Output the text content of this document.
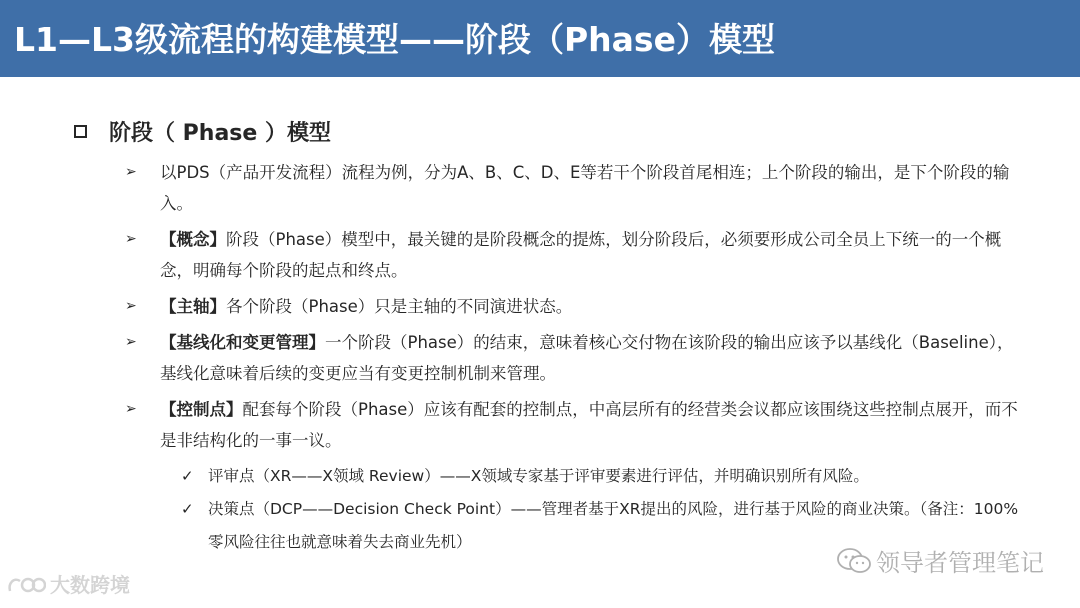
L1—L3级流程的构建模型——阶段（Phase）模型
阶段（ Phase ）模型
➢ 以PDS（产品开发流程）流程为例，分为A、B、C、D、E等若干个阶段首尾相连；上个阶段的输出，是下个阶段的输入。

➢ 【概念】阶段（Phase）模型中，最关键的是阶段概念的提炼，划分阶段后，必须要形成公司全员上下统一的一个概念，明确每个阶段的起点和终点。

➢ 【主轴】各个阶段（Phase）只是主轴的不同演进状态。

➢ 【基线化和变更管理】一个阶段（Phase）的结束，意味着核心交付物在该阶段的输出应该予以基线化（Baseline），基线化意味着后续的变更应当有变更控制机制来管理。

➢ 【控制点】配套每个阶段（Phase）应该有配套的控制点，中高层所有的经营类会议都应该围绕这些控制点展开，而不是非结构化的一事一议。

✓ 评审点（XR——X领域 Review）——X领域专家基于评审要素进行评估，并明确识别所有风险。
✓ 决策点（DCP——Decision Check Point）——管理者基于XR提出的风险，进行基于风险的商业决策。（备注：100%零风险往往也就意味着失去商业先机）
领导者管理笔记
大数跨境
